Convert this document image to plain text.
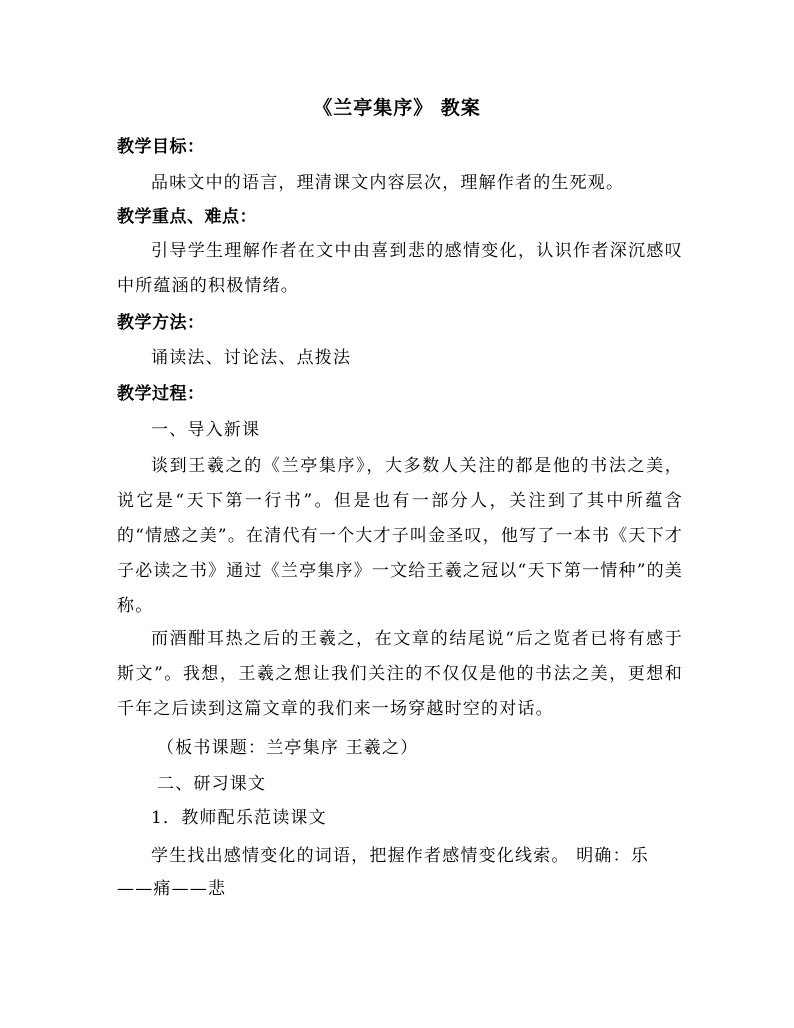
《兰亭集序》 教案
教学目标：
品味文中的语言，理清课文内容层次，理解作者的生死观。
教学重点、难点：
引导学生理解作者在文中由喜到悲的感情变化，认识作者深沉感叹中所蕴涵的积极情绪。
教学方法：
诵读法、讨论法、点拨法
教学过程：
一、导入新课
谈到王羲之的《兰亭集序》，大多数人关注的都是他的书法之美，说它是“天下第一行书”。但是也有一部分人，关注到了其中所蕴含的“情感之美”。在清代有一个大才子叫金圣叹，他写了一本书《天下才子必读之书》通过《兰亭集序》一文给王羲之冠以“天下第一情种”的美称。
而酒酣耳热之后的王羲之，在文章的结尾说“后之览者已将有感于斯文”。我想，王羲之想让我们关注的不仅仅是他的书法之美，更想和千年之后读到这篇文章的我们来一场穿越时空的对话。
（板书课题：兰亭集序 王羲之）
二、研习课文
1．教师配乐范读课文
学生找出感情变化的词语，把握作者感情变化线索。 明确：乐
——痛——悲
